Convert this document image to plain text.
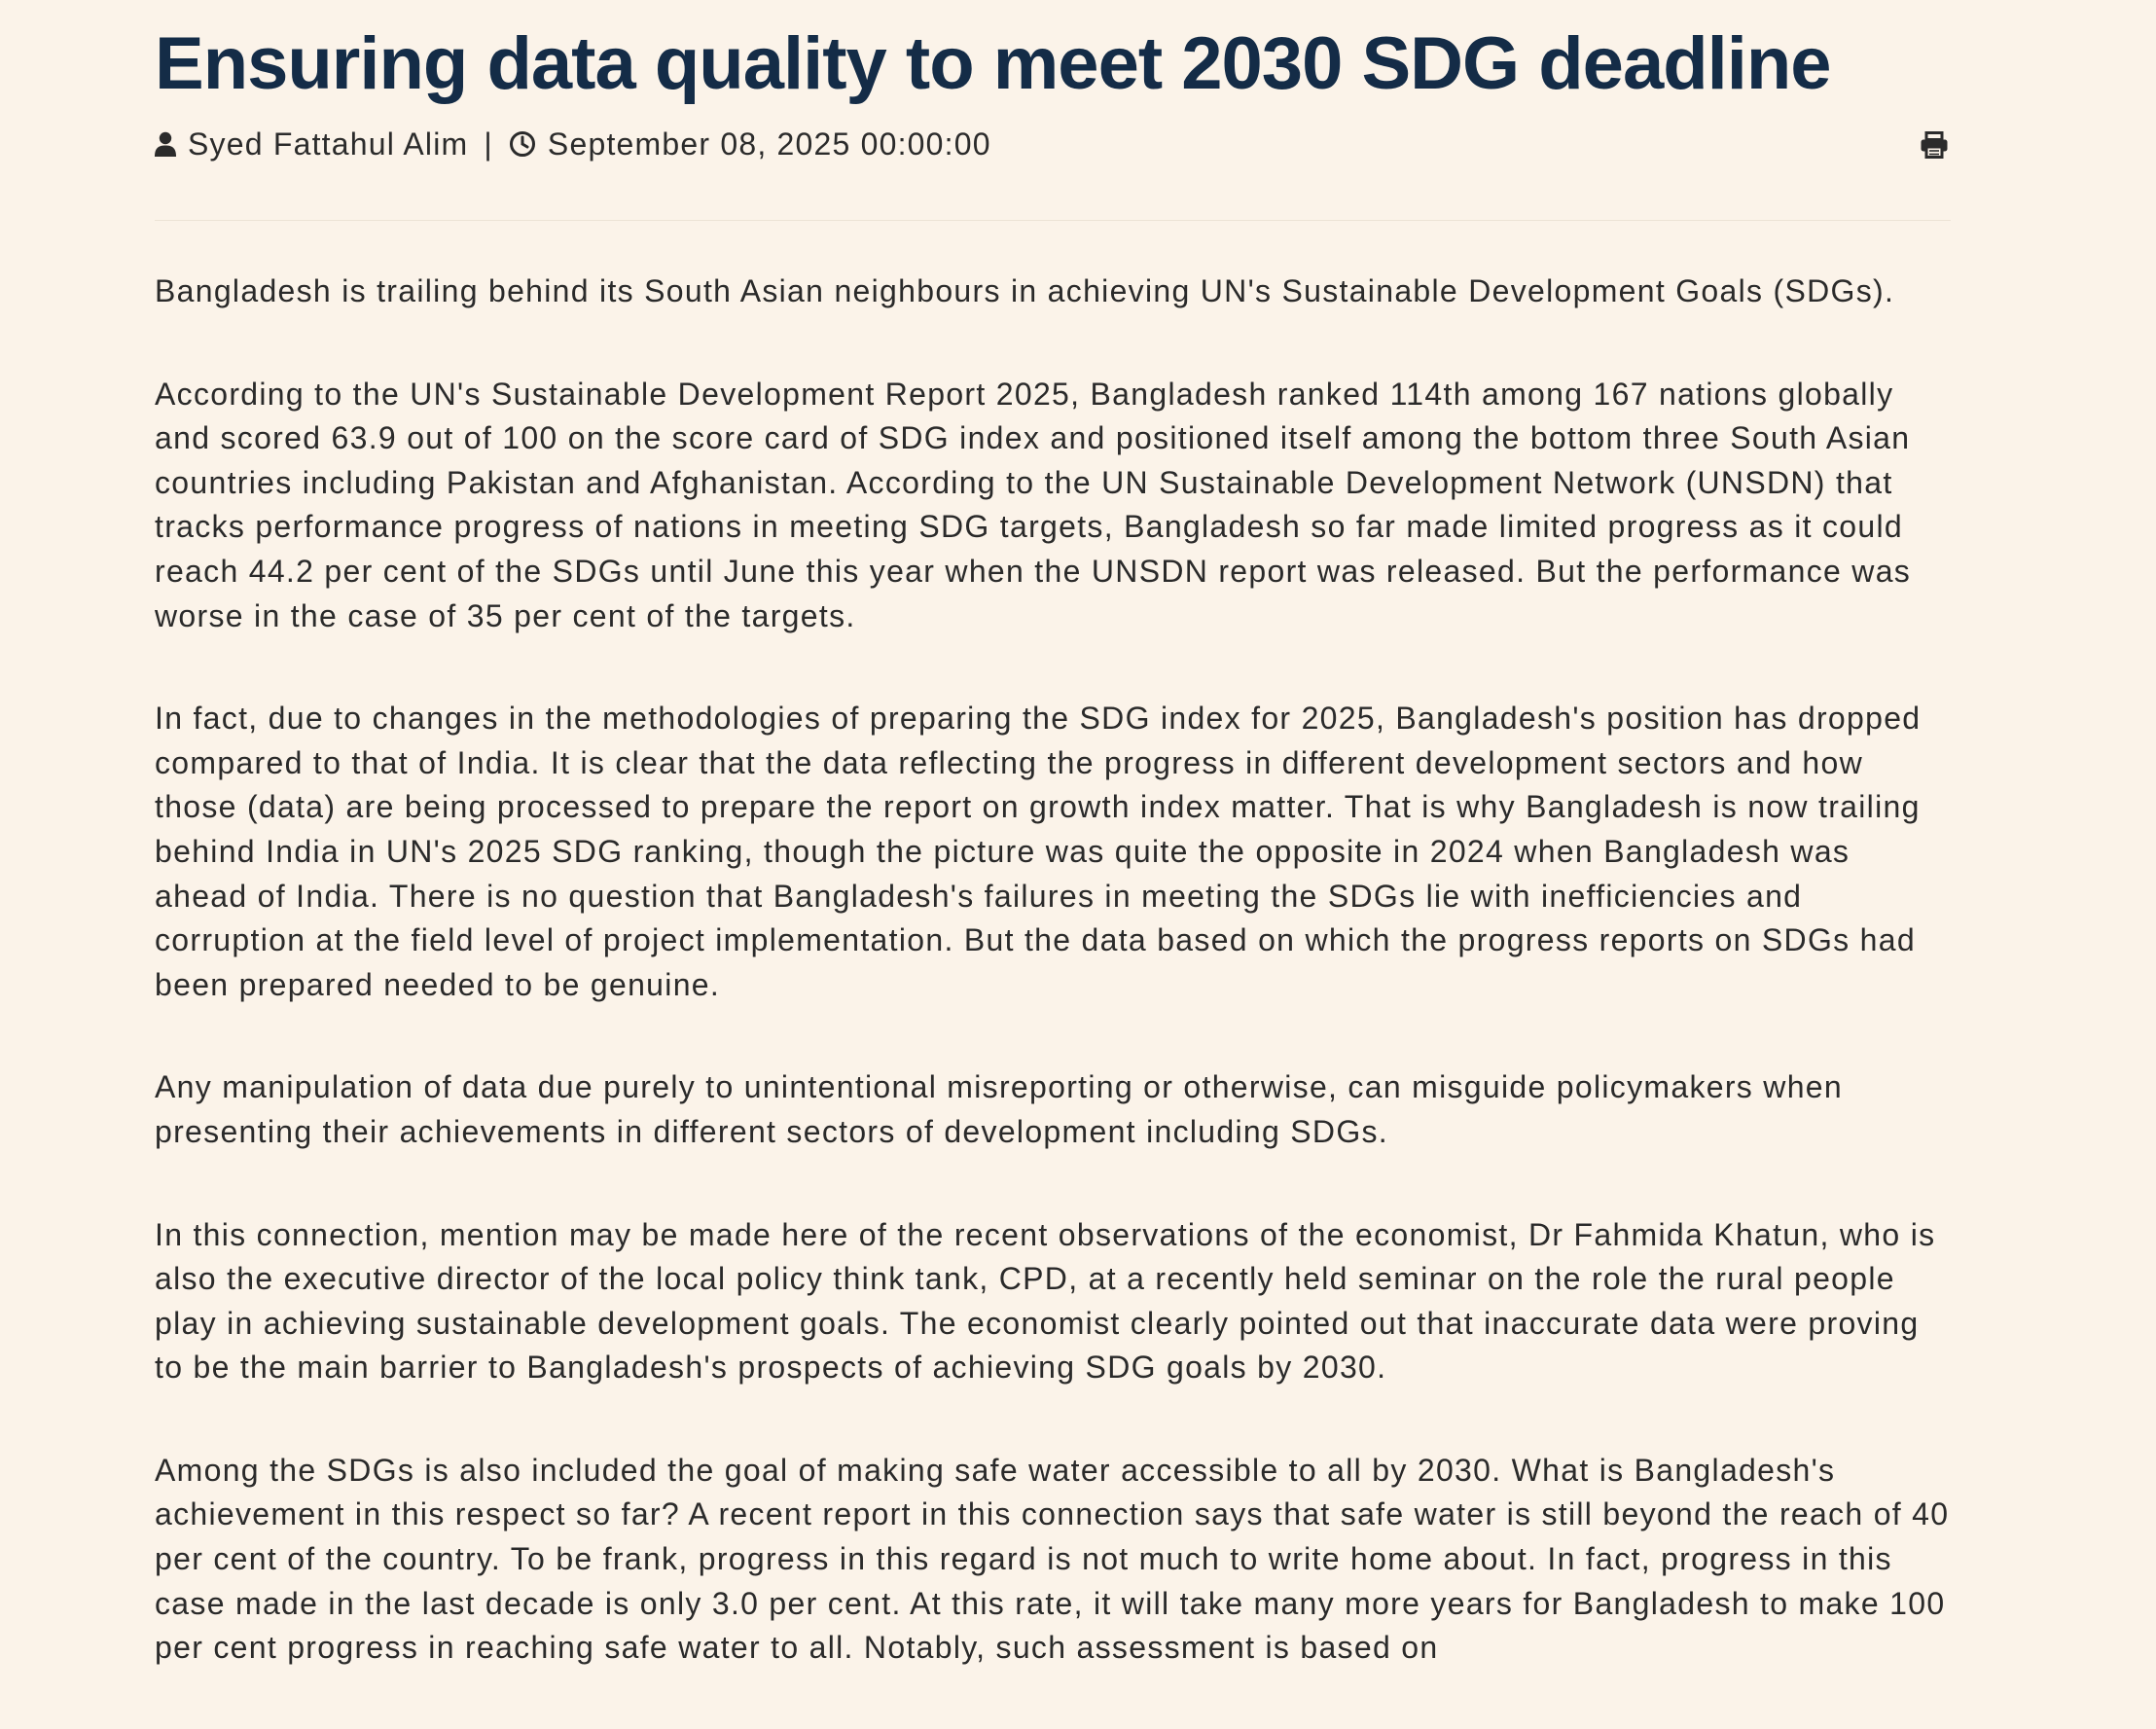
Ensuring data quality to meet 2030 SDG deadline
Syed Fattahul Alim | September 08, 2025 00:00:00

Bangladesh is trailing behind its South Asian neighbours in achieving UN's Sustainable Development Goals (SDGs).

According to the UN's Sustainable Development Report 2025, Bangladesh ranked 114th among 167 nations globally and scored 63.9 out of 100 on the score card of SDG index and positioned itself among the bottom three South Asian countries including Pakistan and Afghanistan. According to the UN Sustainable Development Network (UNSDN) that tracks performance progress of nations in meeting SDG targets, Bangladesh so far made limited progress as it could reach 44.2 per cent of the SDGs until June this year when the UNSDN report was released. But the performance was worse in the case of 35 per cent of the targets.

In fact, due to changes in the methodologies of preparing the SDG index for 2025, Bangladesh's position has dropped compared to that of India. It is clear that the data reflecting the progress in different development sectors and how those (data) are being processed to prepare the report on growth index matter. That is why Bangladesh is now trailing behind India in UN's 2025 SDG ranking, though the picture was quite the opposite in 2024 when Bangladesh was ahead of India. There is no question that Bangladesh's failures in meeting the SDGs lie with inefficiencies and corruption at the field level of project implementation. But the data based on which the progress reports on SDGs had been prepared needed to be genuine.

Any manipulation of data due purely to unintentional misreporting or otherwise, can misguide policymakers when presenting their achievements in different sectors of development including SDGs.

In this connection, mention may be made here of the recent observations of the economist, Dr Fahmida Khatun, who is also the executive director of the local policy think tank, CPD, at a recently held seminar on the role the rural people play in achieving sustainable development goals. The economist clearly pointed out that inaccurate data were proving to be the main barrier to Bangladesh's prospects of achieving SDG goals by 2030.

Among the SDGs is also included the goal of making safe water accessible to all by 2030. What is Bangladesh's achievement in this respect so far? A recent report in this connection says that safe water is still beyond the reach of 40 per cent of the country. To be frank, progress in this regard is not much to write home about. In fact, progress in this case made in the last decade is only 3.0 per cent. At this rate, it will take many more years for Bangladesh to make 100 per cent progress in reaching safe water to all. Notably, such assessment is based on
